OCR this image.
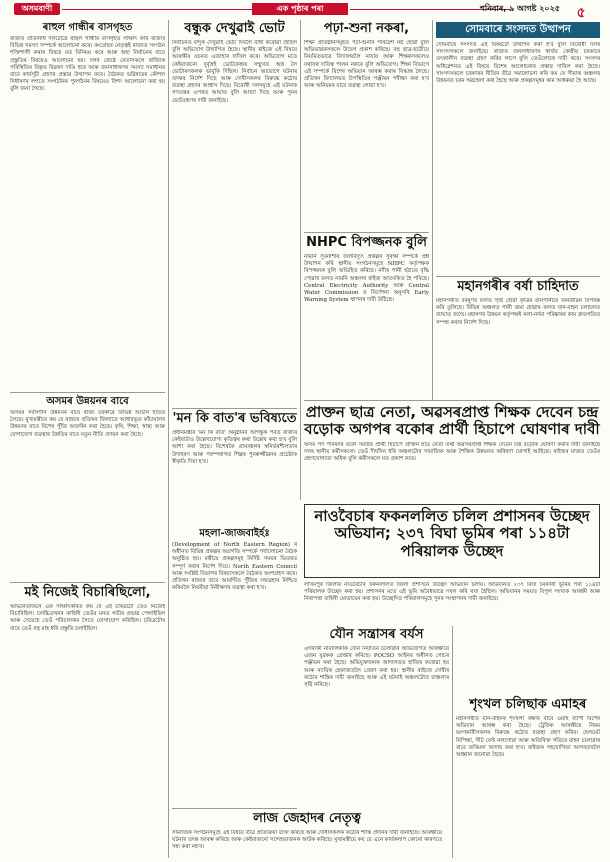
অসমবাণী	এক পৃষ্ঠাৰ পৰা	শনিবাৰ, ৯ আগষ্ট ২০২৫	৫
ৰাহুল গান্ধীৰ বাসগৃহত
ৰাজ্যৰ প্ৰতিনিধি দলটোৱে ৰাহুল গান্ধীৰ বাসগৃহত সাক্ষাৎ কৰি ৰাজ্যৰ বিভিন্ন সমস্যা সম্পৰ্কে আলোচনা কৰে। কংগ্ৰেছৰ নেতৃত্বই ৰাজ্যত সংগঠন শক্তিশালী কৰাৰ বিষয়ে মত বিনিময় কৰে আৰু অহা নিৰ্বাচনৰ বাবে প্ৰস্তুতিৰ বিষয়েও আলোচনা হয়। দলৰ জ্যেষ্ঠ নেতাসকলে ৰাজ্যিক পৰিস্থিতিৰ বিস্তৃত বিৱৰণ দাঙি ধৰে আৰু জনসাধাৰণৰ সমস্যা সমাধানৰ বাবে কাৰ্যসূচী গ্ৰহণৰ প্ৰস্তাৱ উত্থাপন কৰে। বৈঠকত ভৱিষ্যতৰ কৌশল নিৰ্ধাৰণৰ লগতে সংগঠনিক পুনৰ্গঠনৰ বিষয়েও বিশদ আলোচনা কৰা হয় বুলি জনা গৈছে।
অসমৰ উন্নয়নৰ বাবে
অসমৰ সৰ্বাংগীন উন্নয়নৰ বাবে ৰাজ্য চৰকাৰে বিভিন্ন আঁচনি হাতত লৈছে। মুখ্যমন্ত্ৰীয়ে কয় যে ৰাজ্যৰ প্ৰতিখন জিলাতে আধাৰভূত কাঁচামালৰ উন্নয়নৰ বাবে বিশেষ পুঁজি আবণ্টন কৰা হৈছে। কৃষি, শিক্ষা, স্বাস্থ্য আৰু যোগাযোগ ব্যৱস্থাৰ উন্নতিৰ বাবে নতুন নীতি প্ৰণয়ন কৰা হৈছে।
মই নিজেই বিচাৰিছিলো,
অভিনেতাজনে এক সাক্ষাৎকাৰত কয় যে এই চৰিত্ৰটো তেওঁ নিজেই বিচাৰিছিল। চলচ্চিত্ৰখনৰ কাহিনী তেওঁৰ মনত গভীৰ প্ৰভাৱ পেলাইছিল আৰু সেয়েহে তেওঁ পৰিচালকৰ সৈতে যোগাযোগ কৰিছিল। চৰিত্ৰটোৰ বাবে তেওঁ বহু মাহ ধৰি প্ৰস্তুতি চলাইছিল।
বন্ধুক দেখুৱাই ভোট
নিৰ্বাচনত বন্দুক দেখুৱাই ভোট দিবলৈ বাধ্য কৰোৱা হৈছিল বুলি অভিযোগ উত্থাপিত হৈছে। স্থানীয় ৰাইজে এই বিষয়ে আৰক্ষীৰ ওচৰত এজাহাৰ দাখিল কৰে। অভিযোগ মতে কেইবাজনো দুৰ্বৃত্তই ভোটকেন্দ্ৰৰ সন্মুখত অস্ত্ৰ লৈ ভোটাৰসকলক ভাবুকি দিছিল। নিৰ্বাচন আয়োগে ঘটনাৰ তদন্তৰ নিৰ্দেশ দিছে আৰু দোষীসকলৰ বিৰুদ্ধে কঠোৰ ব্যৱস্থা গ্ৰহণৰ আশ্বাস দিছে। বিৰোধী দলসমূহে এই ঘটনাক গণতন্ত্ৰৰ ওপৰত আঘাত বুলি আখ্যা দিছে আৰু পুনৰ ভোটগ্ৰহণৰ দাবী জনাইছে।
'মন কি বাত'ৰ ভবিষ্যতে
প্ৰধানমন্ত্ৰীৰ 'মন কি বাত' অনুষ্ঠানৰ আগন্তুক পৰ্বত ৰাজ্যৰ কেইবাটাও উল্লেখযোগ্য কৃতিত্বৰ কথা উল্লেখ কৰা হ'ব বুলি আশা কৰা হৈছে। বিশেষকৈ গ্ৰামাঞ্চলৰ স্বনিৰ্ভৰশীলতাৰ উদাহৰণ আৰু পৰম্পৰাগত শিল্পৰ পুনৰুজ্জীৱনৰ প্ৰচেষ্টাক স্বীকৃতি দিয়া হ'ব।
মহলা-জাজবাইৰ্হঃ
(Development of North Eastern Region) ৰ অধীনত বিভিন্ন প্ৰকল্পৰ অগ্ৰগতি সম্পৰ্কে পৰ্যালোচনা বৈঠক অনুষ্ঠিত হয়। মন্ত্ৰীয়ে প্ৰকল্পসমূহ নিৰ্দিষ্ট সময়ৰ ভিতৰত সম্পূৰ্ণ কৰাৰ নিৰ্দেশ দিয়ে। North Eastern Council আৰু সংশ্লিষ্ট বিভাগৰ বিষয়াসকলে বৈঠকত অংশগ্ৰহণ কৰে। প্ৰতিখন ৰাজ্যৰ বাবে আবণ্টিত পুঁজিৰ সদ্ব্যৱহাৰ নিশ্চিত কৰিবলৈ নিয়মীয়া নিৰীক্ষণৰ ব্যৱস্থা কৰা হ'ব।
লাজ জেহাদৰ নেতৃত্ব
সামাজিক সংগঠনসমূহে এই বিষয়ে তীব্ৰ প্ৰতিক্ৰিয়া ব্যক্ত কৰিছে আৰু দোষীসকলক কঠোৰ শাস্তি প্ৰদানৰ দাবী জনাইছে। আৰক্ষীয়ে ঘটনাৰ তদন্ত আৰম্ভ কৰিছে আৰু কেইবাজনো সন্দেহভাজনক আটক কৰিছে। মুখ্যমন্ত্ৰীয়ে কয় যে এনে কাৰ্যকলাপ কোনো কাৰণতে সহ্য কৰা নহ'ব।
পঢ়া-শুনা নকৰা,
শিক্ষা প্ৰতিষ্ঠানসমূহত পঢ়া-শুনাৰ পৰিৱেশ নষ্ট হোৱা বুলি অভিভাৱকসকলে উদ্বেগ প্ৰকাশ কৰিছে। বহু ছাত্ৰ-ছাত্ৰীয়ে নিয়মিতভাৱে বিদ্যালয়লৈ নাযায় আৰু শিক্ষকসকলেও যথাযথ দায়িত্ব পালন নকৰে বুলি অভিযোগ। শিক্ষা বিভাগে এই সম্পৰ্কে বিশেষ অভিযান আৰম্ভ কৰাৰ সিদ্ধান্ত লৈছে। প্ৰতিখন বিদ্যালয়ত উপস্থিতিৰ পঞ্জীয়ন পৰীক্ষা কৰা হ'ব আৰু অনিয়মৰ বাবে ব্যৱস্থা লোৱা হ'ব।
NHPC বিপজ্জনক বুলি
নামনি সুবনশিৰি জলবিদ্যুৎ প্ৰকল্পৰ সুৰক্ষা সম্পৰ্কে প্ৰশ্ন উত্থাপন কৰি স্থানীয় সংগঠনসমূহে NHPC কৰ্তৃপক্ষক বিপজ্জনক বুলি অভিহিত কৰিছে। নদীৰ পানী হঠাতে বৃদ্ধি পোৱাৰ ফলত নামনি অঞ্চলৰ ৰাইজ আতংকিত হৈ পৰিছে। Central Electricity Authority আৰু Central Water Commission ৰ নিৰ্দেশনা অনুসৰি Early Warning System স্থাপনৰ দাবী উঠিছে।
সোমবাৰে সংসদত উত্থাপন
সোমবাৰে সংসদত এই বিষয়টো উত্থাপন কৰা হ'ব বুলি বিৰোধী দলৰ সাংসদসকলে জনাইছে। ৰাজ্যৰ জনসাধাৰণৰ স্বাৰ্থত কেন্দ্ৰীয় চৰকাৰে তৎকালীন ব্যৱস্থা গ্ৰহণ কৰিব লাগে বুলি তেওঁলোকে দাবী কৰে। সংসদৰ অধিৱেশনত এই বিষয়ে বিশেষ আলোচনাৰ প্ৰস্তাৱ দাখিল কৰা হৈছে। সাংসদসকলে চৰকাৰৰ নীতিৰ তীব্ৰ সমালোচনা কৰি কয় যে সীমান্ত অঞ্চলৰ উন্নয়নত চৰম অৱহেলা কৰা হৈছে আৰু প্ৰকল্পসমূহৰ কাম আধৰুৱা হৈ আছে।
মহানগৰীৰ বৰ্ষা চাহিদাত
মহানগৰীত বৰষুণৰ ফলত সৃষ্টি হোৱা কৃত্ৰিম বানপানীয়ে জনজীৱন বিপৰ্যস্ত কৰি তুলিছে। বিভিন্ন অঞ্চলত পানী জমা হোৱাৰ ফলত যান-বাহন চলাচলত ব্যাঘাত জন্মে। মহানগৰ উন্নয়ন কৰ্তৃপক্ষই নলা-নৰ্দমা পৰিষ্কাৰৰ কাম দ্ৰুতগতিত সম্পন্ন কৰাৰ নিৰ্দেশ দিছে।
প্ৰাক্তন ছাত্ৰ নেতা, অৱসৰপ্ৰাপ্ত শিক্ষক দেবেন চন্দ্ৰ বড়োক অগপৰ বকোৰ প্ৰাৰ্থী হিচাপে ঘোষণাৰ দাবী
অসম গণ পৰিষদৰ বকো সমষ্টিৰ প্ৰাৰ্থী হিচাপে প্ৰাক্তন ছাত্ৰ নেতা তথা অৱসৰপ্ৰাপ্ত শিক্ষক দেবেন চন্দ্ৰ বড়োক ঘোষণা কৰাৰ দাবী জনাইছে দলৰ স্থানীয় কৰ্মীসকলে। তেওঁ দীৰ্ঘদিন ধৰি অঞ্চলটোৰ সামাজিক আৰু শৈক্ষিক উন্নয়নত অৰিহণা যোগাই আহিছে। ৰাইজৰ মাজত তেওঁৰ গ্ৰহণযোগ্যতা অধিক বুলি কৰ্মীসকলে মত প্ৰকাশ কৰে।
নাওবৈচাৰ ফকনললিত চলিল প্ৰশাসনৰ উচ্ছেদ অভিযান; ২৩৭ বিঘা ভূমিৰ পৰা ১১৪টা পৰিয়ালক উচ্ছেদ
লখিমপুৰ জিলাৰ নাওবৈচাৰ ফকনললিত জিলা প্ৰশাসনে উচ্ছেদ অভিযান চলায়। অভিযানত ২৩৭ বিঘা চৰকাৰী ভূমিৰ পৰা ১১৪টা পৰিয়ালক উচ্ছেদ কৰা হয়। প্ৰশাসনৰ মতে এই ভূমি অবৈধভাৱে দখল কৰি ৰখা হৈছিল। অভিযানৰ সময়ত বিপুল সংখ্যক আৰক্ষী আৰু নিৰাপত্তা বাহিনী মোতায়েন কৰা হয়। উচ্ছেদিত পৰিয়ালসমূহে পুনৰ সংস্থাপনৰ দাবী জনাইছে।
যৌন সন্ত্ৰাসৰ বৰ্যস
এগৰাকী নাবালিকাক যৌন নিৰ্যাতন চলোৱাৰ অভিযোগত আৰক্ষীয়ে এজন যুৱকক গ্ৰেপ্তাৰ কৰিছে। POCSO আইনৰ অধীনত গোচৰ পঞ্জীয়ন কৰা হৈছে। অভিযুক্তজনক আদালতত হাজিৰ কৰোৱা হয় আৰু ন্যায়িক হেফাজতলৈ প্ৰেৰণ কৰা হয়। স্থানীয় ৰাইজে দোষীৰ কঠোৰ শাস্তিৰ দাবী জনাইছে আৰু এই ঘটনাই অঞ্চলটোত চাঞ্চল্যৰ সৃষ্টি কৰিছে।
শৃংখল চলিছাক এমাহৰ
মহানগৰীত যান-বাহনৰ শৃংখলা ৰক্ষাৰ বাবে এমাহ ব্যাপী বিশেষ অভিযান আৰম্ভ কৰা হৈছে। ট্ৰেফিক আৰক্ষীয়ে নিয়ম ভংগকাৰীসকলৰ বিৰুদ্ধে কঠোৰ ব্যৱস্থা গ্ৰহণ কৰিব। হেলমেট নিপিন্ধা, সীট বেল্ট নলগোৱা আৰু অতিৰিক্ত গতিৰে বাহন চলোৱাৰ বাবে জৰিমনা আদায় কৰা হ'ব। ৰাইজক সহযোগিতা আগবঢ়াবলৈ আহ্বান জনোৱা হৈছে।
